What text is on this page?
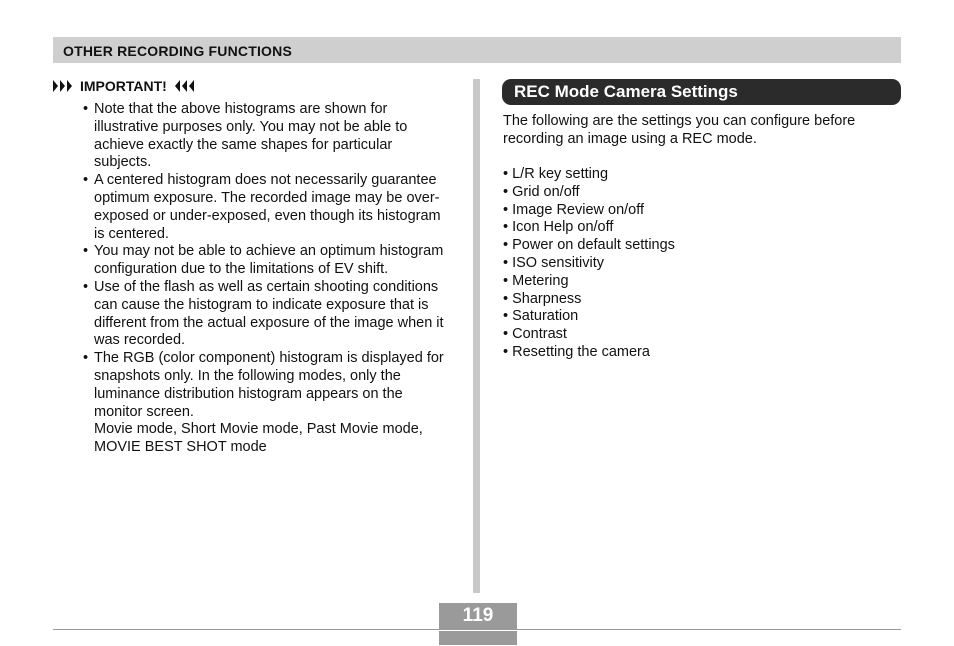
OTHER RECORDING FUNCTIONS
IMPORTANT!
• Note that the above histograms are shown for illustrative purposes only. You may not be able to achieve exactly the same shapes for particular subjects.
• A centered histogram does not necessarily guarantee optimum exposure. The recorded image may be over-exposed or under-exposed, even though its histogram is centered.
• You may not be able to achieve an optimum histogram configuration due to the limitations of EV shift.
• Use of the flash as well as certain shooting conditions can cause the histogram to indicate exposure that is different from the actual exposure of the image when it was recorded.
• The RGB (color component) histogram is displayed for snapshots only. In the following modes, only the luminance distribution histogram appears on the monitor screen.
Movie mode, Short Movie mode, Past Movie mode, MOVIE BEST SHOT mode
REC Mode Camera Settings

The following are the settings you can configure before recording an image using a REC mode.

• L/R key setting
• Grid on/off
• Image Review on/off
• Icon Help on/off
• Power on default settings
• ISO sensitivity
• Metering
• Sharpness
• Saturation
• Contrast
• Resetting the camera
119
